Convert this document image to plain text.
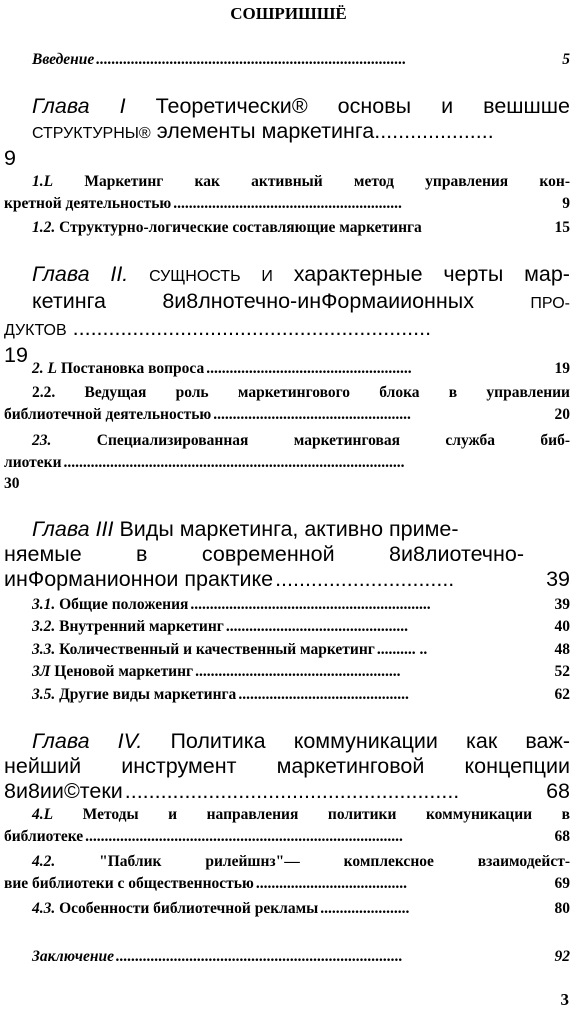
СОШРИШШЁ
Введение ................................................................................	5
Глава I Теоретически® основы и вешшше
СТРУКТУРНЫ® элементы маркетинга....................
9
1.L Маркетинг как активный метод управления кон-
кретной деятельностью ...........................................................	9
1.2. Структурно-логические составляющие маркетинга	15
Глава II. СУЩНОСТЬ И характерные черты мар-
кетинга 8и8лнотечно-инФормаиионных	ПРО-
ДУКТОВ ............................................................
19
2. L Постановка вопроса .....................................................	19
2.2. Ведущая роль маркетингового блока в управлении
библиотечной деятельностью ...................................................	20
23.	Специализированная маркетинговая служба биб-
лиотеки ........................................................................................
30
Глава III Виды маркетинга, активно приме-
няемые в современной 8и8лиотечно-
инФорманионнои практике ..............................	39
3.1. Общие положения ..............................................................	39
3.2. Внутренний маркетинг ...............................................	40
3.3. Количественный и качественный маркетинг .......... ..	48
3Л Ценовой маркетинг .....................................................	52
3.5. Другие виды маркетинга ............................................	62
Глава IV. Политика коммуникации как важ-
нейший инструмент маркетинговой концепции
8и8ии©теки ........................................................	68
4.L Методы и направления политики коммуникации в
библиотеке ..................................................................................	68
4.2.	"Паблик рилейшнз"— комплексное взаимодейст-
вие библиотеки с общественностью .......................................	69
4.3. Особенности библиотечной рекламы .......................	80
Заключение ..........................................................................	92
3
